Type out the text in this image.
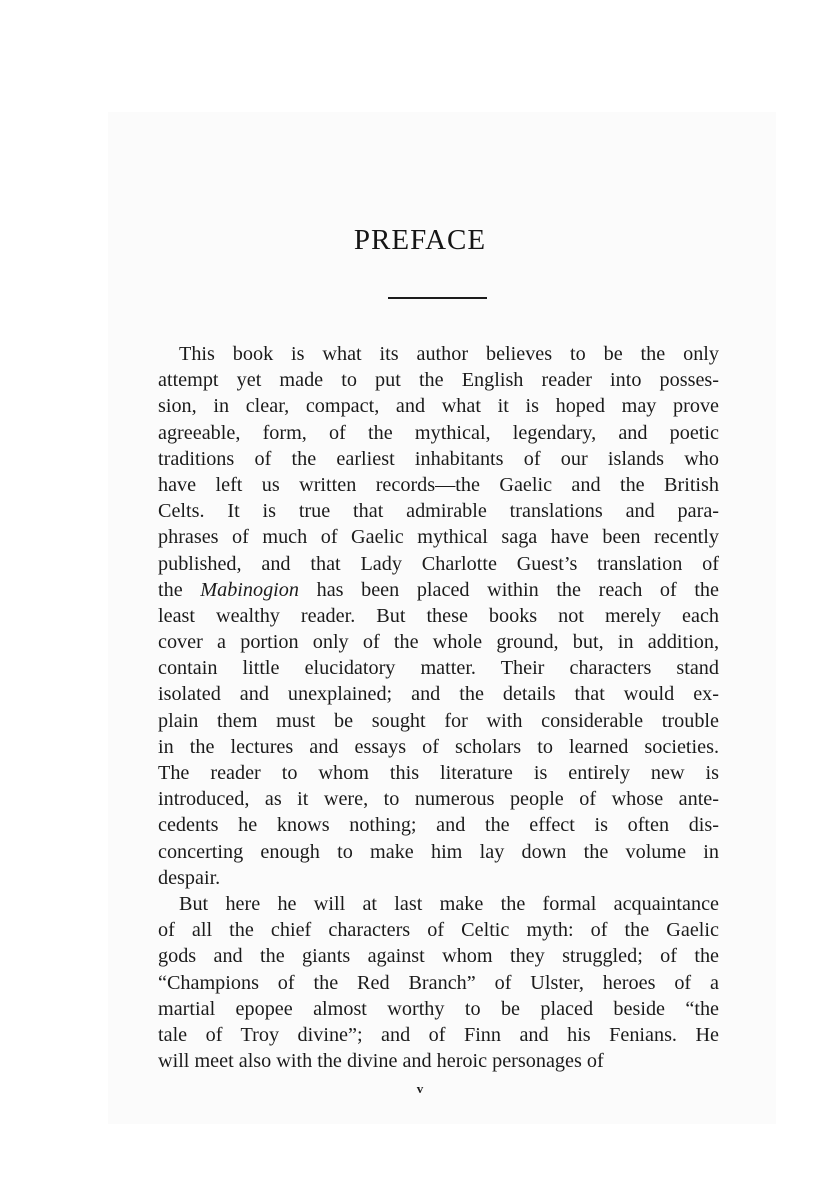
PREFACE
This book is what its author believes to be the only
attempt yet made to put the English reader into posses-
sion, in clear, compact, and what it is hoped may prove
agreeable, form, of the mythical, legendary, and poetic
traditions of the earliest inhabitants of our islands who
have left us written records—the Gaelic and the British
Celts. It is true that admirable translations and para-
phrases of much of Gaelic mythical saga have been recently
published, and that Lady Charlotte Guest’s translation of
the Mabinogion has been placed within the reach of the
least wealthy reader. But these books not merely each
cover a portion only of the whole ground, but, in addition,
contain little elucidatory matter. Their characters stand
isolated and unexplained; and the details that would ex-
plain them must be sought for with considerable trouble
in the lectures and essays of scholars to learned societies.
The reader to whom this literature is entirely new is
introduced, as it were, to numerous people of whose ante-
cedents he knows nothing; and the effect is often dis-
concerting enough to make him lay down the volume in
despair.
But here he will at last make the formal acquaintance
of all the chief characters of Celtic myth: of the Gaelic
gods and the giants against whom they struggled; of the
“Champions of the Red Branch” of Ulster, heroes of a
martial epopee almost worthy to be placed beside “the
tale of Troy divine”; and of Finn and his Fenians. He
will meet also with the divine and heroic personages of
v
